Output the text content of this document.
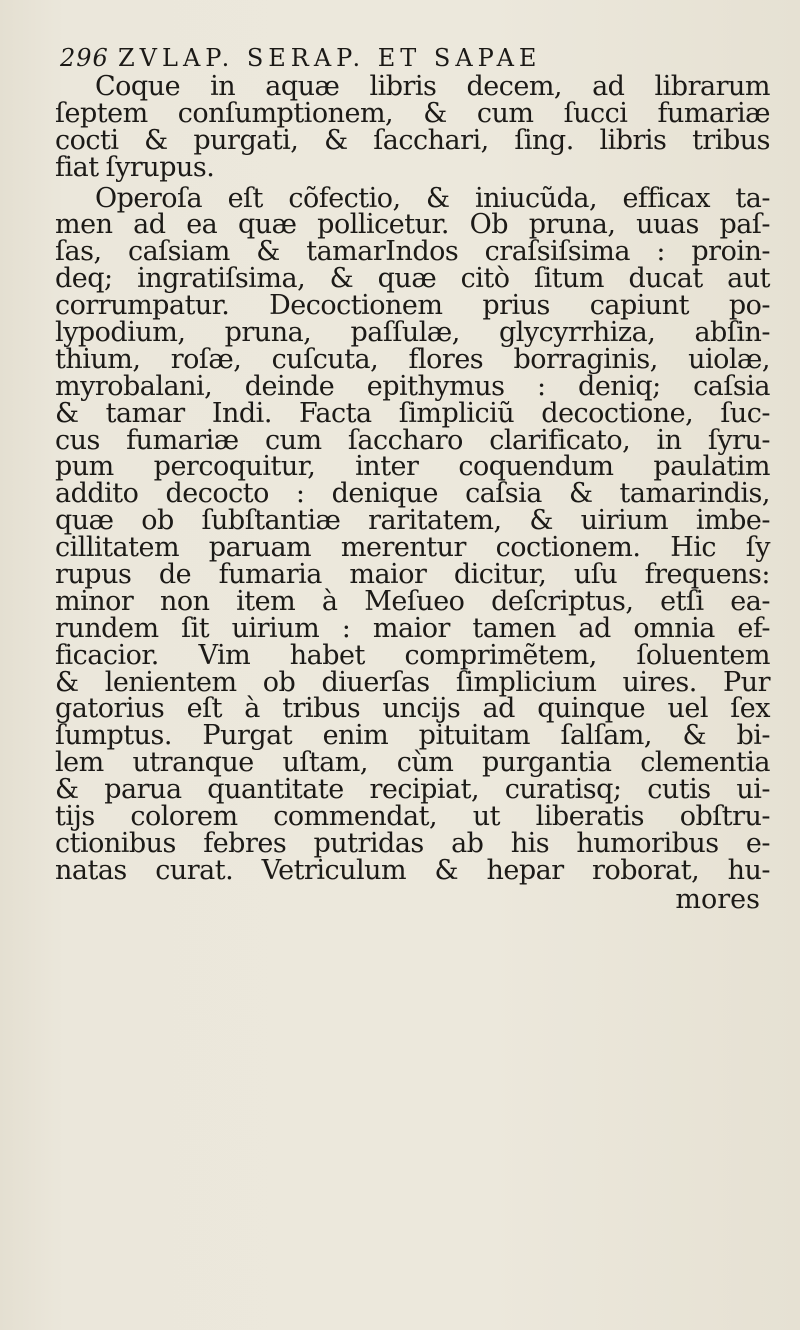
296 ZVLAP. SERAP. ET SAPAE
Coque in aquæ libris decem, ad librarum
ſeptem conſumptionem, & cum ſucci fumariæ
cocti & purgati, & ſacchari, ſing. libris tribus
fiat ſyrupus.
Operoſa eſt cõfectio, & iniucũda, efficax ta-
men ad ea quæ pollicetur. Ob pruna, uuas paſ-
ſas, caſsiam & tamarIndos craſsiſsima : proin-
deq; ingratiſsima, & quæ citò ſitum ducat aut
corrumpatur. Decoctionem prius capiunt po-
lypodium, pruna, paſſulæ, glycyrrhiza, abſin-
thium, roſæ, cuſcuta, flores borraginis, uiolæ,
myrobalani, deinde epithymus : deniq; caſsia
& tamar Indi. Facta ſimpliciũ decoctione, ſuc-
cus fumariæ cum ſaccharo clarificato, in ſyru-
pum percoquitur, inter coquendum paulatim
addito decocto : denique caſsia & tamarindis,
quæ ob ſubſtantiæ raritatem, & uirium imbe-
cillitatem paruam merentur coctionem. Hic ſy
rupus de fumaria maior dicitur, uſu frequens:
minor non item à Meſueo deſcriptus, etſi ea-
rundem ſit uirium : maior tamen ad omnia ef-
ficacior. Vim habet comprimẽtem, ſoluentem
& lenientem ob diuerſas ſimplicium uires. Pur
gatorius eſt à tribus uncijs ad quinque uel ſex
ſumptus. Purgat enim pituitam ſalſam, & bi-
lem utranque uſtam, cùm purgantia clementia
& parua quantitate recipiat, curatisq; cutis ui-
tijs colorem commendat, ut liberatis obſtru-
ctionibus febres putridas ab his humoribus e-
natas curat. Vetriculum & hepar roborat, hu-
mores
